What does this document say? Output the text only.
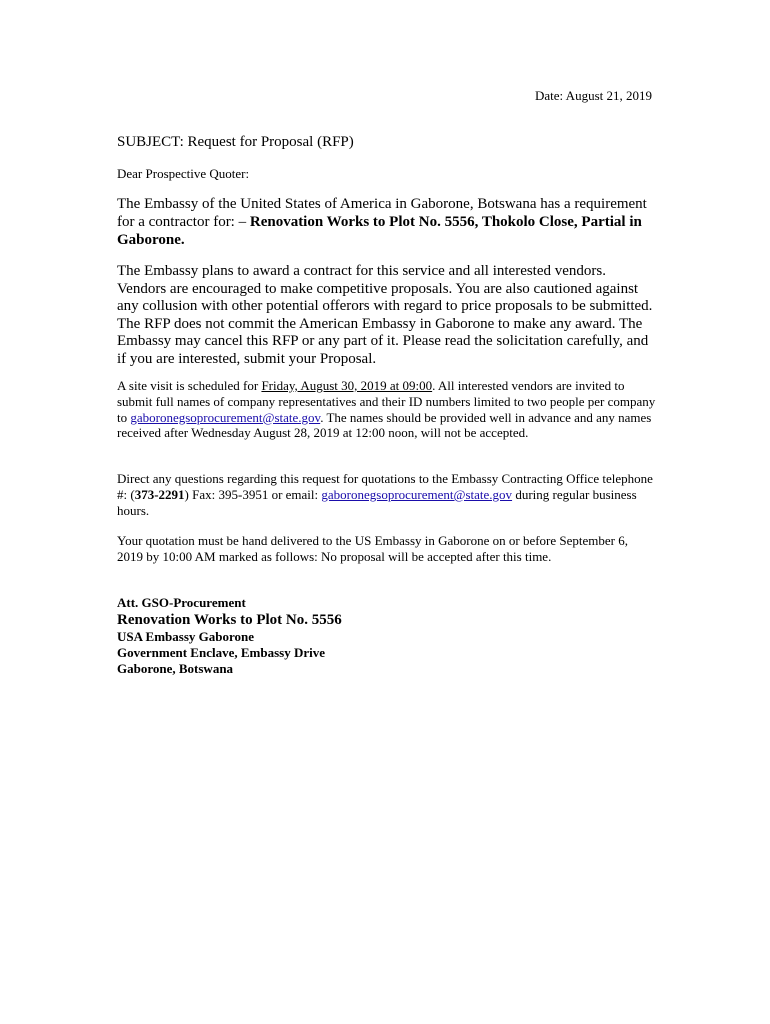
Date: August 21, 2019
SUBJECT: Request for Proposal (RFP)
Dear Prospective Quoter:
The Embassy of the United States of America in Gaborone, Botswana has a requirement for a contractor for: – Renovation Works to Plot No. 5556, Thokolo Close, Partial in Gaborone.
The Embassy plans to award a contract for this service and all interested vendors. Vendors are encouraged to make competitive proposals. You are also cautioned against any collusion with other potential offerors with regard to price proposals to be submitted. The RFP does not commit the American Embassy in Gaborone to make any award. The Embassy may cancel this RFP or any part of it. Please read the solicitation carefully, and if you are interested, submit your Proposal.
A site visit is scheduled for Friday, August 30, 2019 at 09:00. All interested vendors are invited to submit full names of company representatives and their ID numbers limited to two people per company to gaboronegsoprocurement@state.gov. The names should be provided well in advance and any names received after Wednesday August 28, 2019 at 12:00 noon, will not be accepted.
Direct any questions regarding this request for quotations to the Embassy Contracting Office telephone #: (373-2291) Fax: 395-3951 or email: gaboronegsoprocurement@state.gov during regular business hours.
Your quotation must be hand delivered to the US Embassy in Gaborone on or before September 6, 2019 by 10:00 AM marked as follows: No proposal will be accepted after this time.
Att. GSO-Procurement
Renovation Works to Plot No. 5556
USA Embassy Gaborone
Government Enclave, Embassy Drive
Gaborone, Botswana
